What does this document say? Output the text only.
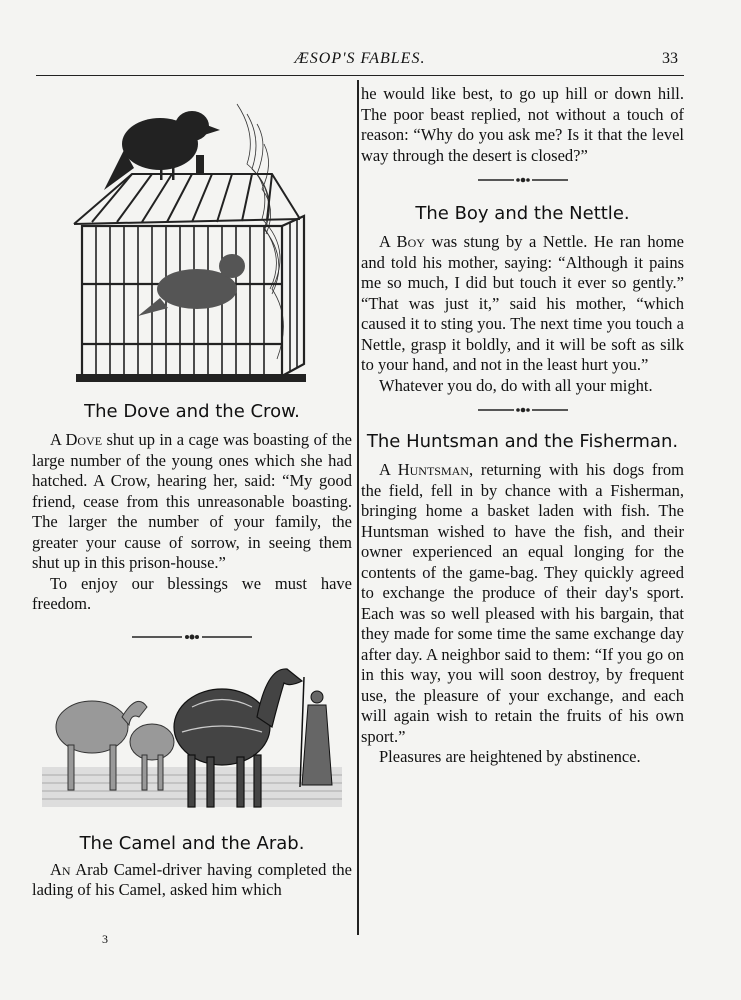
ÆSOP'S FABLES.	33
The Dove and the Crow.

A Dove shut up in a cage was boasting of the large number of the young ones which she had hatched. A Crow, hearing her, said: “My good friend, cease from this unreasonable boasting. The larger the number of your family, the greater your cause of sorrow, in seeing them shut up in this prison-house.”

To enjoy our blessings we must have freedom.

The Camel and the Arab.

An Arab Camel-driver having completed the lading of his Camel, asked him which

he would like best, to go up hill or down hill. The poor beast replied, not without a touch of reason: “Why do you ask me? Is it that the level way through the desert is closed?”

The Boy and the Nettle.

A Boy was stung by a Nettle. He ran home and told his mother, saying: “Although it pains me so much, I did but touch it ever so gently.” “That was just it,” said his mother, “which caused it to sting you. The next time you touch a Nettle, grasp it boldly, and it will be soft as silk to your hand, and not in the least hurt you.”

Whatever you do, do with all your might.

The Huntsman and the Fisherman.

A Huntsman, returning with his dogs from the field, fell in by chance with a Fisherman, bringing home a basket laden with fish. The Huntsman wished to have the fish, and their owner experienced an equal longing for the contents of the game-bag. They quickly agreed to exchange the produce of their day's sport. Each was so well pleased with his bargain, that they made for some time the same exchange day after day. A neighbor said to them: “If you go on in this way, you will soon destroy, by frequent use, the pleasure of your exchange, and each will again wish to retain the fruits of his own sport.”

Pleasures are heightened by abstinence.

3
